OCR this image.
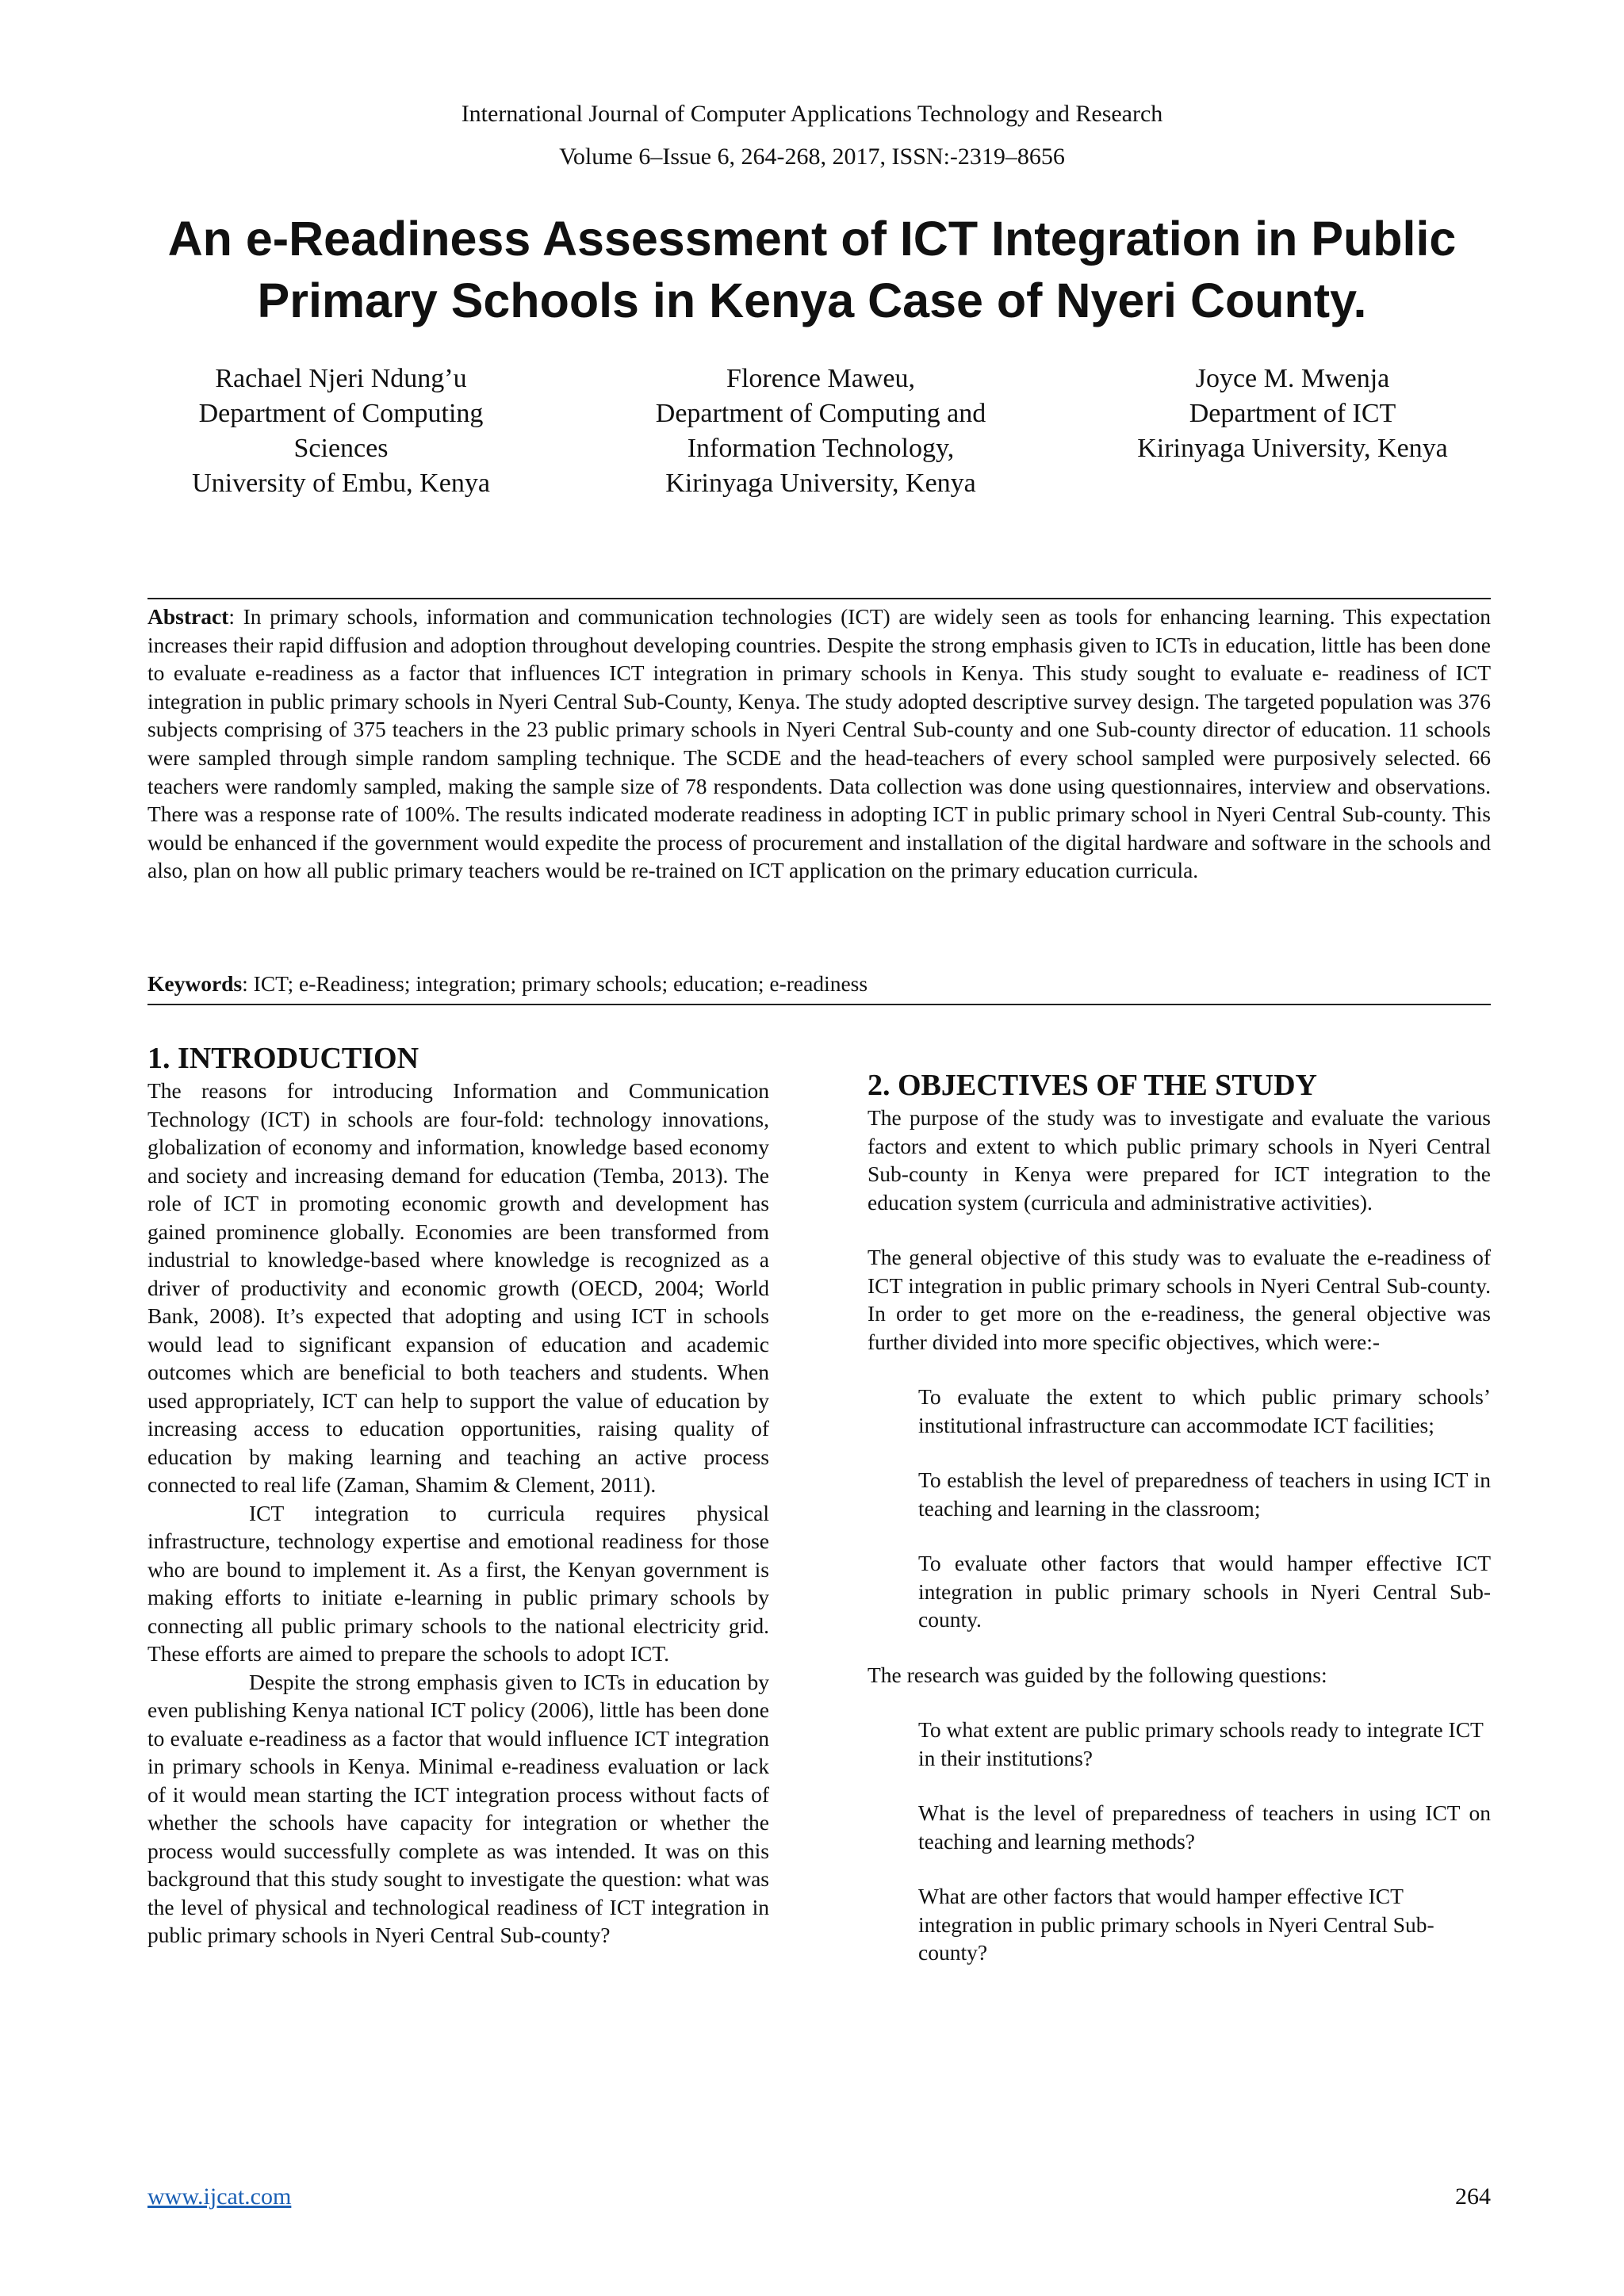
International Journal of Computer Applications Technology and Research
Volume 6–Issue 6, 264-268, 2017, ISSN:-2319–8656
An e-Readiness Assessment of ICT Integration in Public
Primary Schools in Kenya Case of Nyeri County.
Rachael Njeri Ndung’u
Department of Computing
Sciences
University of Embu, Kenya
Florence Maweu,
Department of Computing and
Information Technology,
Kirinyaga University, Kenya
Joyce M. Mwenja
Department of ICT
Kirinyaga University, Kenya

Abstract: In primary schools, information and communication technologies (ICT) are widely seen as tools for enhancing learning. This expectation increases their rapid diffusion and adoption throughout developing countries. Despite the strong emphasis given to ICTs in education, little has been done to evaluate e-readiness as a factor that influences ICT integration in primary schools in Kenya. This study sought to evaluate e- readiness of ICT integration in public primary schools in Nyeri Central Sub-County, Kenya. The study adopted descriptive survey design. The targeted population was 376 subjects comprising of 375 teachers in the 23 public primary schools in Nyeri Central Sub-county and one Sub-county director of education. 11 schools were sampled through simple random sampling technique. The SCDE and the head-teachers of every school sampled were purposively selected. 66 teachers were randomly sampled, making the sample size of 78 respondents. Data collection was done using questionnaires, interview and observations. There was a response rate of 100%. The results indicated moderate readiness in adopting ICT in public primary school in Nyeri Central Sub-county. This would be enhanced if the government would expedite the process of procurement and installation of the digital hardware and software in the schools and also, plan on how all public primary teachers would be re-trained on ICT application on the primary education curricula.

Keywords: ICT; e-Readiness; integration; primary schools; education; e-readiness

1. INTRODUCTION

The reasons for introducing Information and Communication Technology (ICT) in schools are four-fold: technology innovations, globalization of economy and information, knowledge based economy and society and increasing demand for education (Temba, 2013). The role of ICT in promoting economic growth and development has gained prominence globally. Economies are been transformed from industrial to knowledge-based where knowledge is recognized as a driver of productivity and economic growth (OECD, 2004; World Bank, 2008). It’s expected that adopting and using ICT in schools would lead to significant expansion of education and academic outcomes which are beneficial to both teachers and students. When used appropriately, ICT can help to support the value of education by increasing access to education opportunities, raising quality of education by making learning and teaching an active process connected to real life (Zaman, Shamim & Clement, 2011).

ICT integration to curricula requires physical infrastructure, technology expertise and emotional readiness for those who are bound to implement it. As a first, the Kenyan government is making efforts to initiate e-learning in public primary schools by connecting all public primary schools to the national electricity grid. These efforts are aimed to prepare the schools to adopt ICT.

Despite the strong emphasis given to ICTs in education by even publishing Kenya national ICT policy (2006), little has been done to evaluate e-readiness as a factor that would influence ICT integration in primary schools in Kenya. Minimal e-readiness evaluation or lack of it would mean starting the ICT integration process without facts of whether the schools have capacity for integration or whether the process would successfully complete as was intended. It was on this background that this study sought to investigate the question: what was the level of physical and technological readiness of ICT integration in public primary schools in Nyeri Central Sub-county?

2. OBJECTIVES OF THE STUDY

The purpose of the study was to investigate and evaluate the various factors and extent to which public primary schools in Nyeri Central Sub-county in Kenya were prepared for ICT integration to the education system (curricula and administrative activities).

The general objective of this study was to evaluate the e-readiness of ICT integration in public primary schools in Nyeri Central Sub-county. In order to get more on the e-readiness, the general objective was further divided into more specific objectives, which were:-

To evaluate the extent to which public primary schools’ institutional infrastructure can accommodate ICT facilities;

To establish the level of preparedness of teachers in using ICT in teaching and learning in the classroom;

To evaluate other factors that would hamper effective ICT integration in public primary schools in Nyeri Central Sub-county.

The research was guided by the following questions:

To what extent are public primary schools ready to integrate ICT in their institutions?

What is the level of preparedness of teachers in using ICT on teaching and learning methods?

What are other factors that would hamper effective ICT integration in public primary schools in Nyeri Central Sub-county?

www.ijcat.com	264
